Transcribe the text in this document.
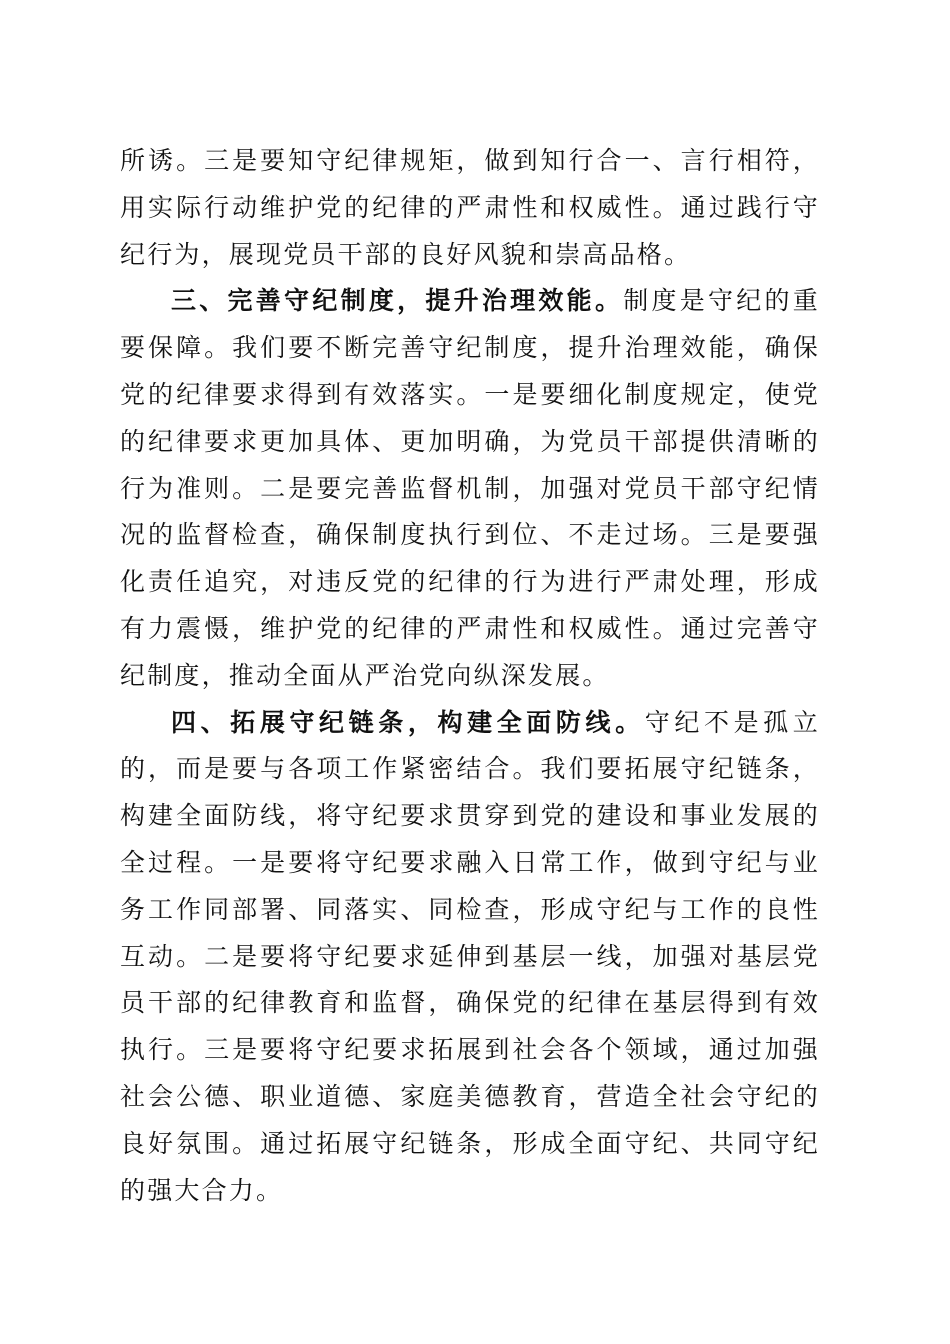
所诱。三是要知守纪律规矩，做到知行合一、言行相符，用实际行动维护党的纪律的严肃性和权威性。通过践行守纪行为，展现党员干部的良好风貌和崇高品格。

三、完善守纪制度，提升治理效能。制度是守纪的重要保障。我们要不断完善守纪制度，提升治理效能，确保党的纪律要求得到有效落实。一是要细化制度规定，使党的纪律要求更加具体、更加明确，为党员干部提供清晰的行为准则。二是要完善监督机制，加强对党员干部守纪情况的监督检查，确保制度执行到位、不走过场。三是要强化责任追究，对违反党的纪律的行为进行严肃处理，形成有力震慑，维护党的纪律的严肃性和权威性。通过完善守纪制度，推动全面从严治党向纵深发展。

四、拓展守纪链条，构建全面防线。守纪不是孤立的，而是要与各项工作紧密结合。我们要拓展守纪链条，构建全面防线，将守纪要求贯穿到党的建设和事业发展的全过程。一是要将守纪要求融入日常工作，做到守纪与业务工作同部署、同落实、同检查，形成守纪与工作的良性互动。二是要将守纪要求延伸到基层一线，加强对基层党员干部的纪律教育和监督，确保党的纪律在基层得到有效执行。三是要将守纪要求拓展到社会各个领域，通过加强社会公德、职业道德、家庭美德教育，营造全社会守纪的良好氛围。通过拓展守纪链条，形成全面守纪、共同守纪的强大合力。
